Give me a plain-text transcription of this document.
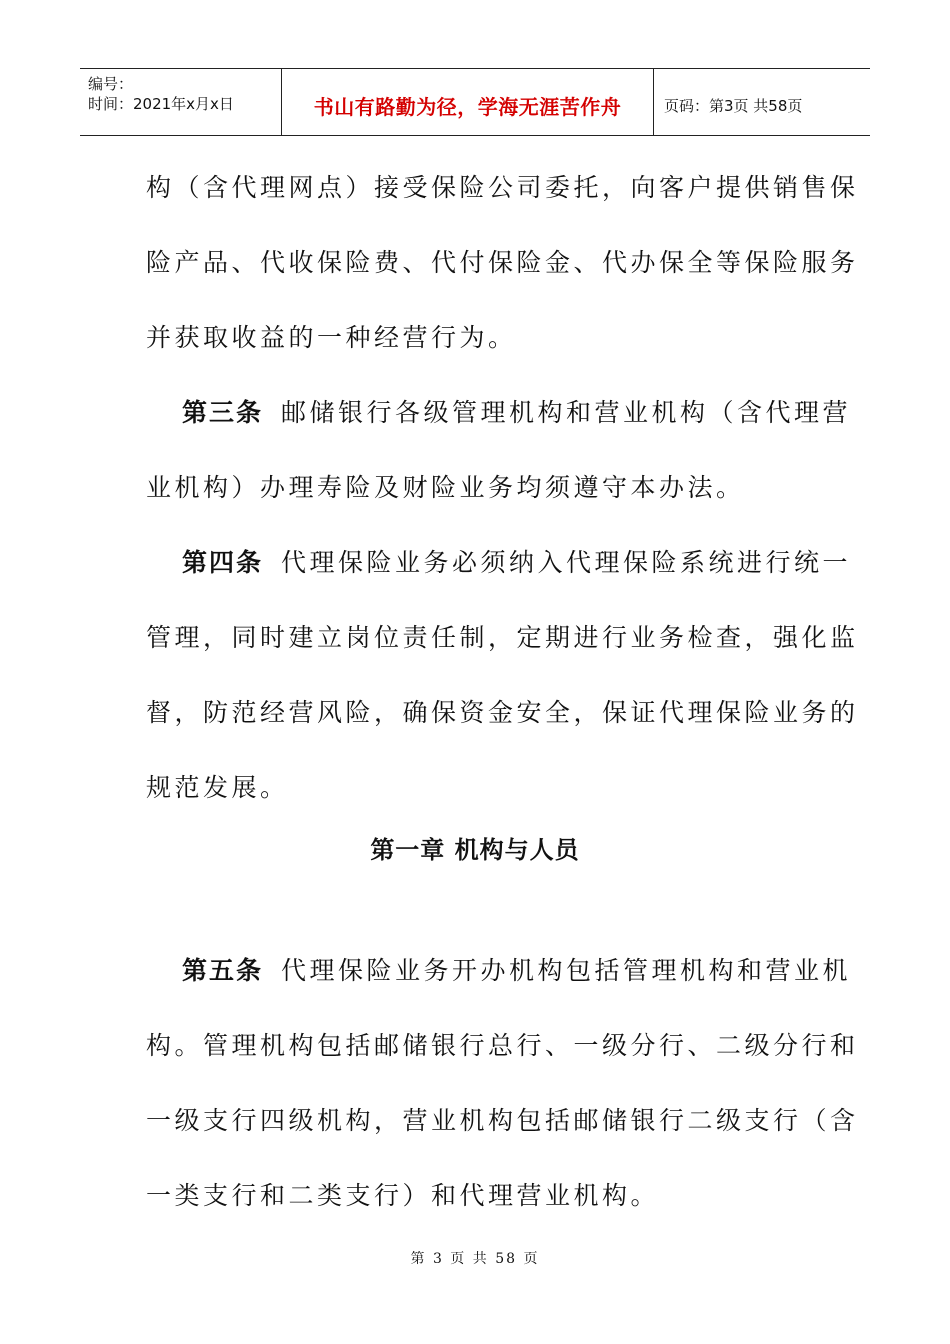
编号：
时间：2021年x月x日	书山有路勤为径，学海无涯苦作舟	页码：第3页 共58页
构（含代理网点）接受保险公司委托，向客户提供销售保
险产品、代收保险费、代付保险金、代办保全等保险服务
并获取收益的一种经营行为。
第三条 邮储银行各级管理机构和营业机构（含代理营
业机构）办理寿险及财险业务均须遵守本办法。
第四条 代理保险业务必须纳入代理保险系统进行统一
管理，同时建立岗位责任制，定期进行业务检查，强化监
督，防范经营风险，确保资金安全，保证代理保险业务的
规范发展。
第一章 机构与人员
第五条 代理保险业务开办机构包括管理机构和营业机
构。管理机构包括邮储银行总行、一级分行、二级分行和
一级支行四级机构，营业机构包括邮储银行二级支行（含
一类支行和二类支行）和代理营业机构。
第 3 页 共 58 页
